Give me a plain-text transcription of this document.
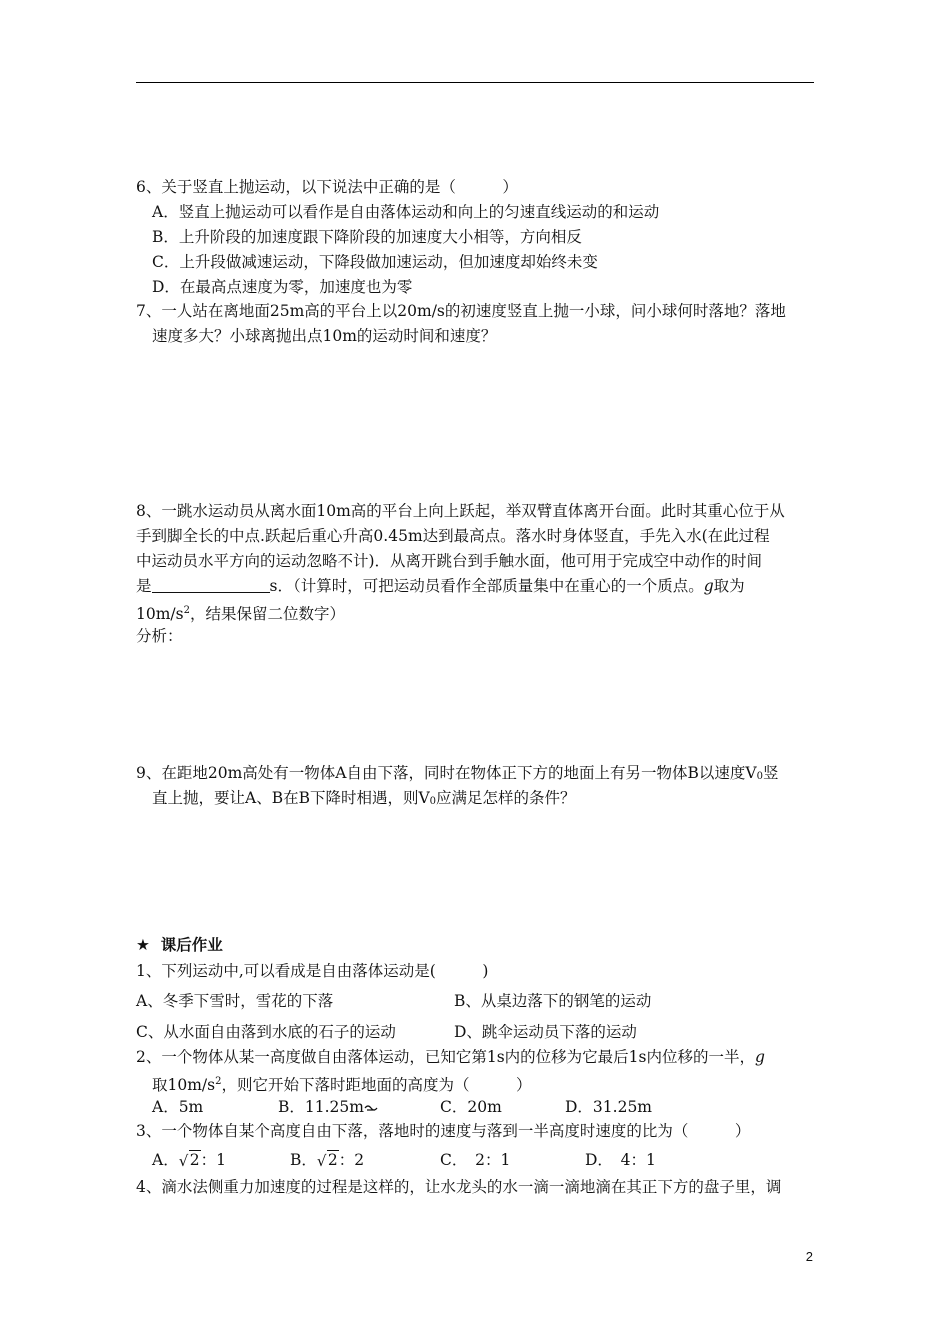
6、关于竖直上抛运动，以下说法中正确的是（　　　）
A．竖直上抛运动可以看作是自由落体运动和向上的匀速直线运动的和运动
B．上升阶段的加速度跟下降阶段的加速度大小相等，方向相反
C．上升段做减速运动，下降段做加速运动，但加速度却始终未变
D．在最高点速度为零，加速度也为零
7、一人站在离地面25m高的平台上以20m/s的初速度竖直上抛一小球，问小球何时落地？落地
速度多大？小球离抛出点10m的运动时间和速度？
8、一跳水运动员从离水面10m高的平台上向上跃起，举双臂直体离开台面。此时其重心位于从
手到脚全长的中点.跃起后重心升高0.45m达到最高点。落水时身体竖直，手先入水(在此过程
中运动员水平方向的运动忽略不计)．从离开跳台到手触水面，他可用于完成空中动作的时间
是	s．（计算时，可把运动员看作全部质量集中在重心的一个质点。g取为
$10m/s^2$，结果保留二位数字）
分析：
9、在距地20m高处有一物体A自由下落，同时在物体正下方的地面上有另一物体B以速度V0竖
直上抛，要让A、B在B下降时相遇，则V0应满足怎样的条件？
★ 课后作业
1、下列运动中,可以看成是自由落体运动是(　　　)
A、冬季下雪时，雪花的下落	B、从桌边落下的钢笔的运动
C、从水面自由落到水底的石子的运动	D、跳伞运动员下落的运动
2、一个物体从某一高度做自由落体运动，已知它第1s内的位移为它最后1s内位移的一半，g
取$10m/s^2$，则它开始下落时距地面的高度为（　　　）
A．5m	B．11.25m	C．20m	D．31.25m
3、一个物体自某个高度自由下落，落地时的速度与落到一半高度时速度的比为（　　　）
A． √ 2：1	B． √ 2：2	C．　2：1	D．　4：1
4、滴水法侧重力加速度的过程是这样的，让水龙头的水一滴一滴地滴在其正下方的盘子里，调
2
